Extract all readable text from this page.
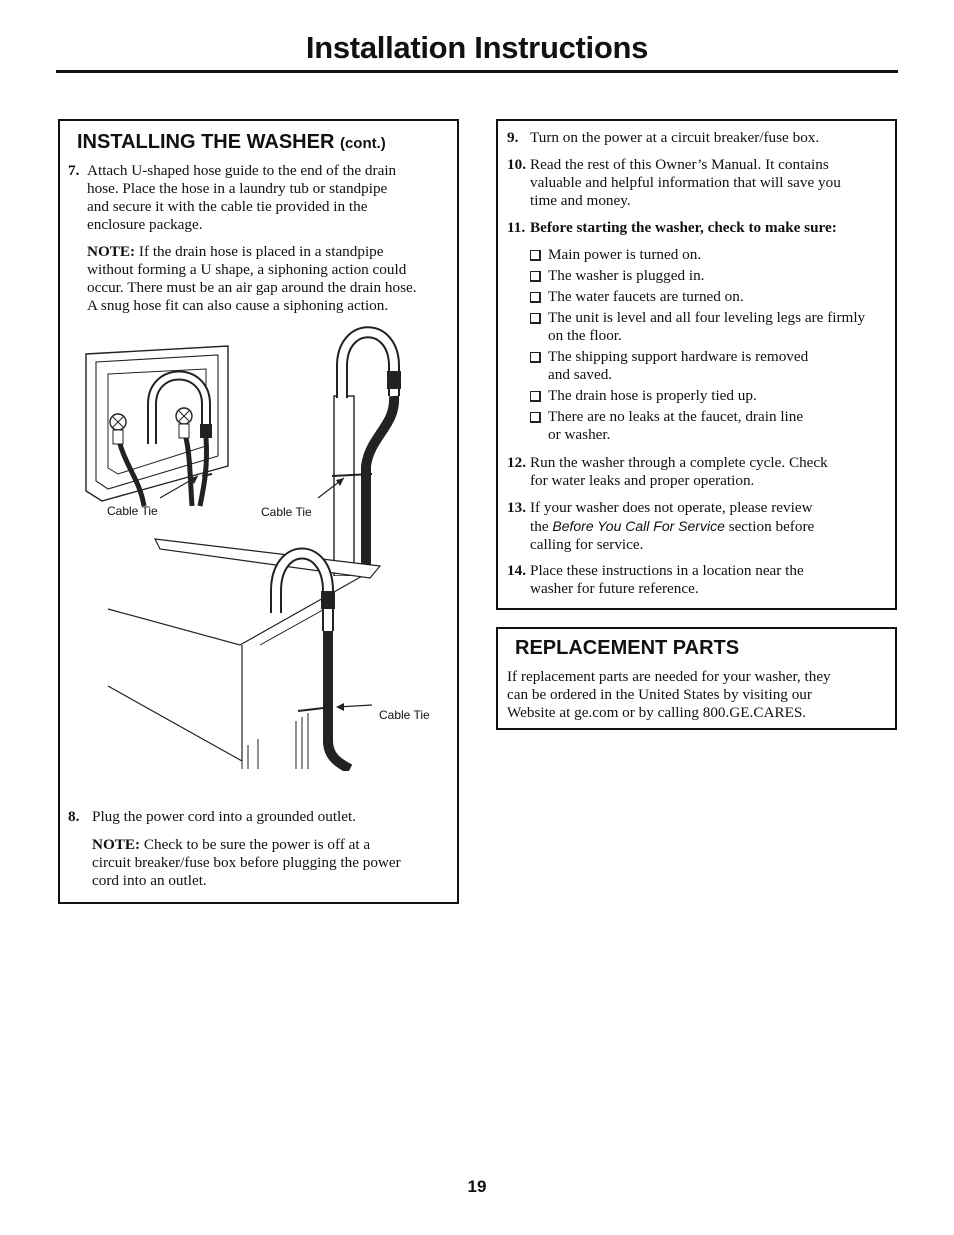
Installation Instructions
INSTALLING THE WASHER (cont.)
7. Attach U-shaped hose guide to the end of the drain
hose. Place the hose in a laundry tub or standpipe
and secure it with the cable tie provided in the
enclosure package.

NOTE: If the drain hose is placed in a standpipe
without forming a U shape, a siphoning action could
occur. There must be an air gap around the drain hose.
A snug hose fit can also cause a siphoning action.

Cable Tie	Cable Tie
Cable Tie
8. Plug the power cord into a grounded outlet.

NOTE: Check to be sure the power is off at a
circuit breaker/fuse box before plugging the power
cord into an outlet.

9. Turn on the power at a circuit breaker/fuse box.

10. Read the rest of this Owner’s Manual. It contains
valuable and helpful information that will save you
time and money.

11. Before starting the washer, check to make sure:

Main power is turned on.
The washer is plugged in.
The water faucets are turned on.
The unit is level and all four leveling legs are firmly
on the floor.
The shipping support hardware is removed
and saved.
The drain hose is properly tied up.
There are no leaks at the faucet, drain line
or washer.
12. Run the washer through a complete cycle. Check
for water leaks and proper operation.

13. If your washer does not operate, please review
the Before You Call For Service section before
calling for service.

14. Place these instructions in a location near the
washer for future reference.

REPLACEMENT PARTS

If replacement parts are needed for your washer, they
can be ordered in the United States by visiting our
Website at ge.com or by calling 800.GE.CARES.

19
